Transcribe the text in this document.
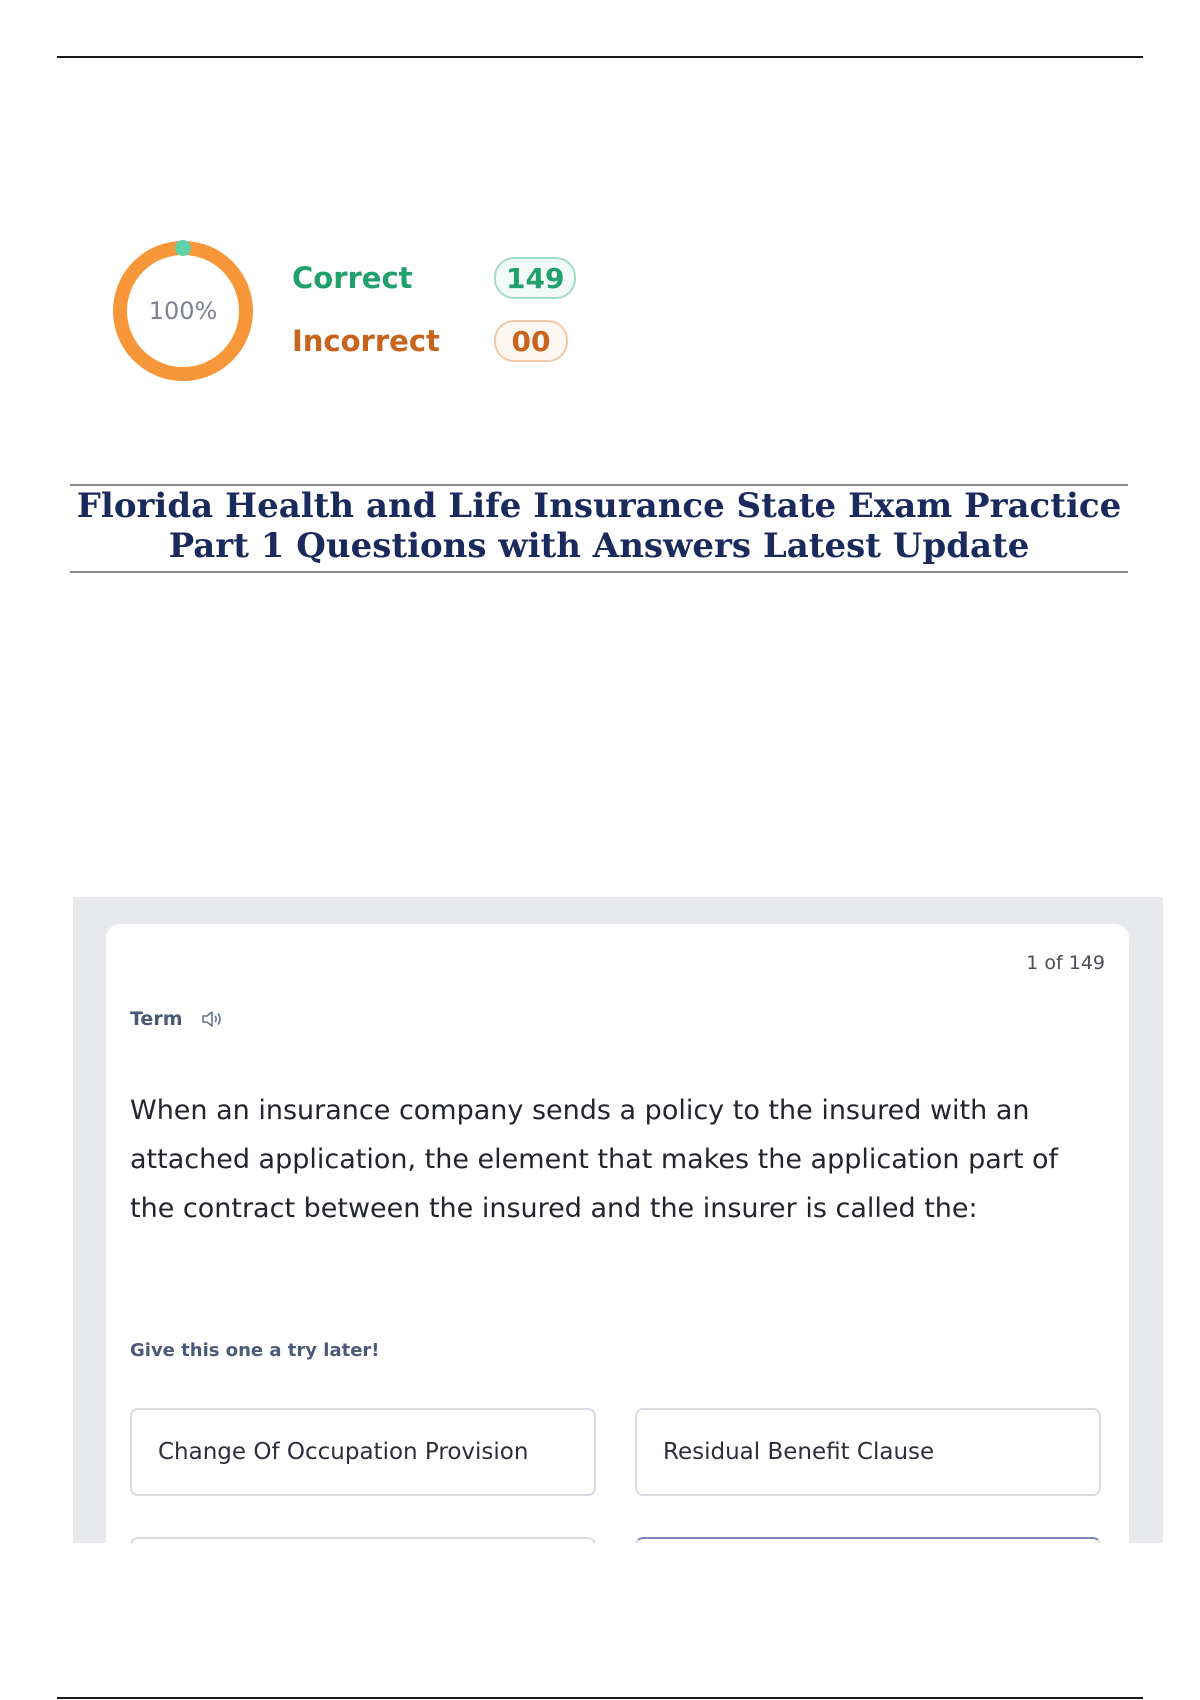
100%
Correct	149
Incorrect	00
Florida Health and Life Insurance State Exam Practice
Part 1 Questions with Answers Latest Update
1 of 149
Term
When an insurance company sends a policy to the insured with an attached application, the element that makes the application part of the contract between the insured and the insurer is called the:
Give this one a try later!
Change Of Occupation Provision	Residual Benefit Clause
